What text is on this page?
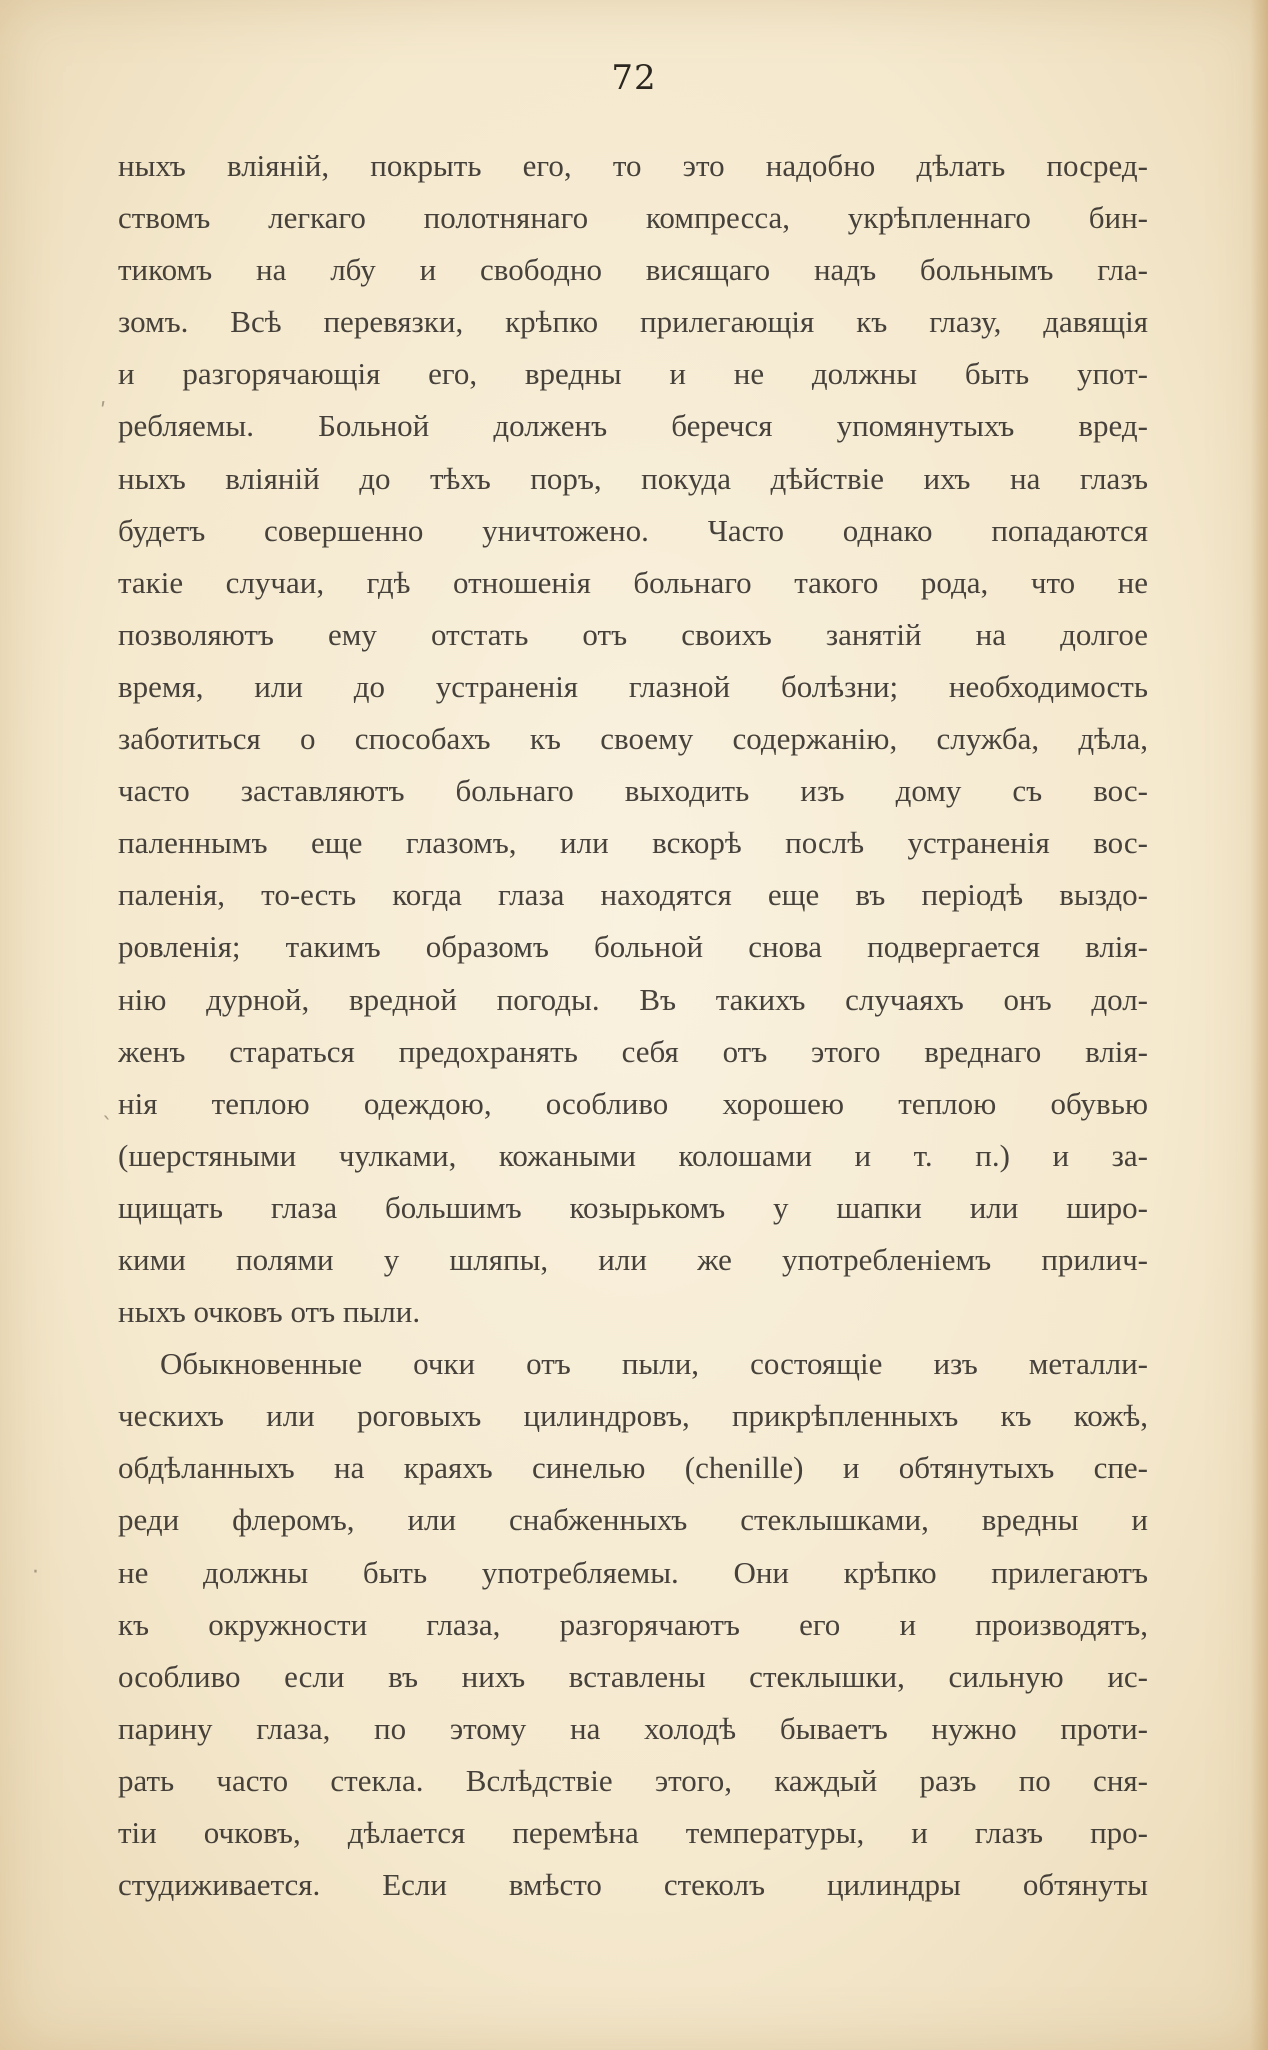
72
ныхъ вліяній, покрыть его, то это надобно дѣлать посред-
ствомъ легкаго полотнянаго компресса, укрѣпленнаго бин-
тикомъ на лбу и свободно висящаго надъ больнымъ гла-
зомъ. Всѣ перевязки, крѣпко прилегающія къ глазу, давящія
и разгорячающія его, вредны и не должны быть упот-
ребляемы. Больной долженъ беречся упомянутыхъ вред-
ныхъ вліяній до тѣхъ поръ, покуда дѣйствіе ихъ на глазъ
будетъ совершенно уничтожено. Часто однако попадаются
такіе случаи, гдѣ отношенія больнаго такого рода, что не
позволяютъ ему отстать отъ своихъ занятій на долгое
время, или до устраненія глазной болѣзни; необходимость
заботиться о способахъ къ своему содержанію, служба, дѣла,
часто заставляютъ больнаго выходить изъ дому съ вос-
паленнымъ еще глазомъ, или вскорѣ послѣ устраненія вос-
паленія, то-есть когда глаза находятся еще въ періодѣ выздо-
ровленія; такимъ образомъ больной снова подвергается влія-
нію дурной, вредной погоды. Въ такихъ случаяхъ онъ дол-
женъ стараться предохранять себя отъ этого вреднаго влія-
нія теплою одеждою, особливо хорошею теплою обувью
(шерстяными чулками, кожаными колошами и т. п.) и за-
щищать глаза большимъ козырькомъ у шапки или широ-
кими полями у шляпы, или же употребленіемъ прилич-
ныхъ очковъ отъ пыли.
Обыкновенные очки отъ пыли, состоящіе изъ металли-
ческихъ или роговыхъ цилиндровъ, прикрѣпленныхъ къ кожѣ,
обдѣланныхъ на краяхъ синелью (chenille) и обтянутыхъ спе-
реди флеромъ, или снабженныхъ стеклышками, вредны и
не должны быть употребляемы. Они крѣпко прилегаютъ
къ окружности глаза, разгорячаютъ его и производятъ,
особливо если въ нихъ вставлены стеклышки, сильную ис-
парину глаза, по этому на холодѣ бываетъ нужно проти-
рать часто стекла. Вслѣдствіе этого, каждый разъ по сня-
тіи очковъ, дѣлается перемѣна температуры, и глазъ про-
студиживается. Если вмѣсто стеколъ цилиндры обтянуты
ʹ
ˎ
·
